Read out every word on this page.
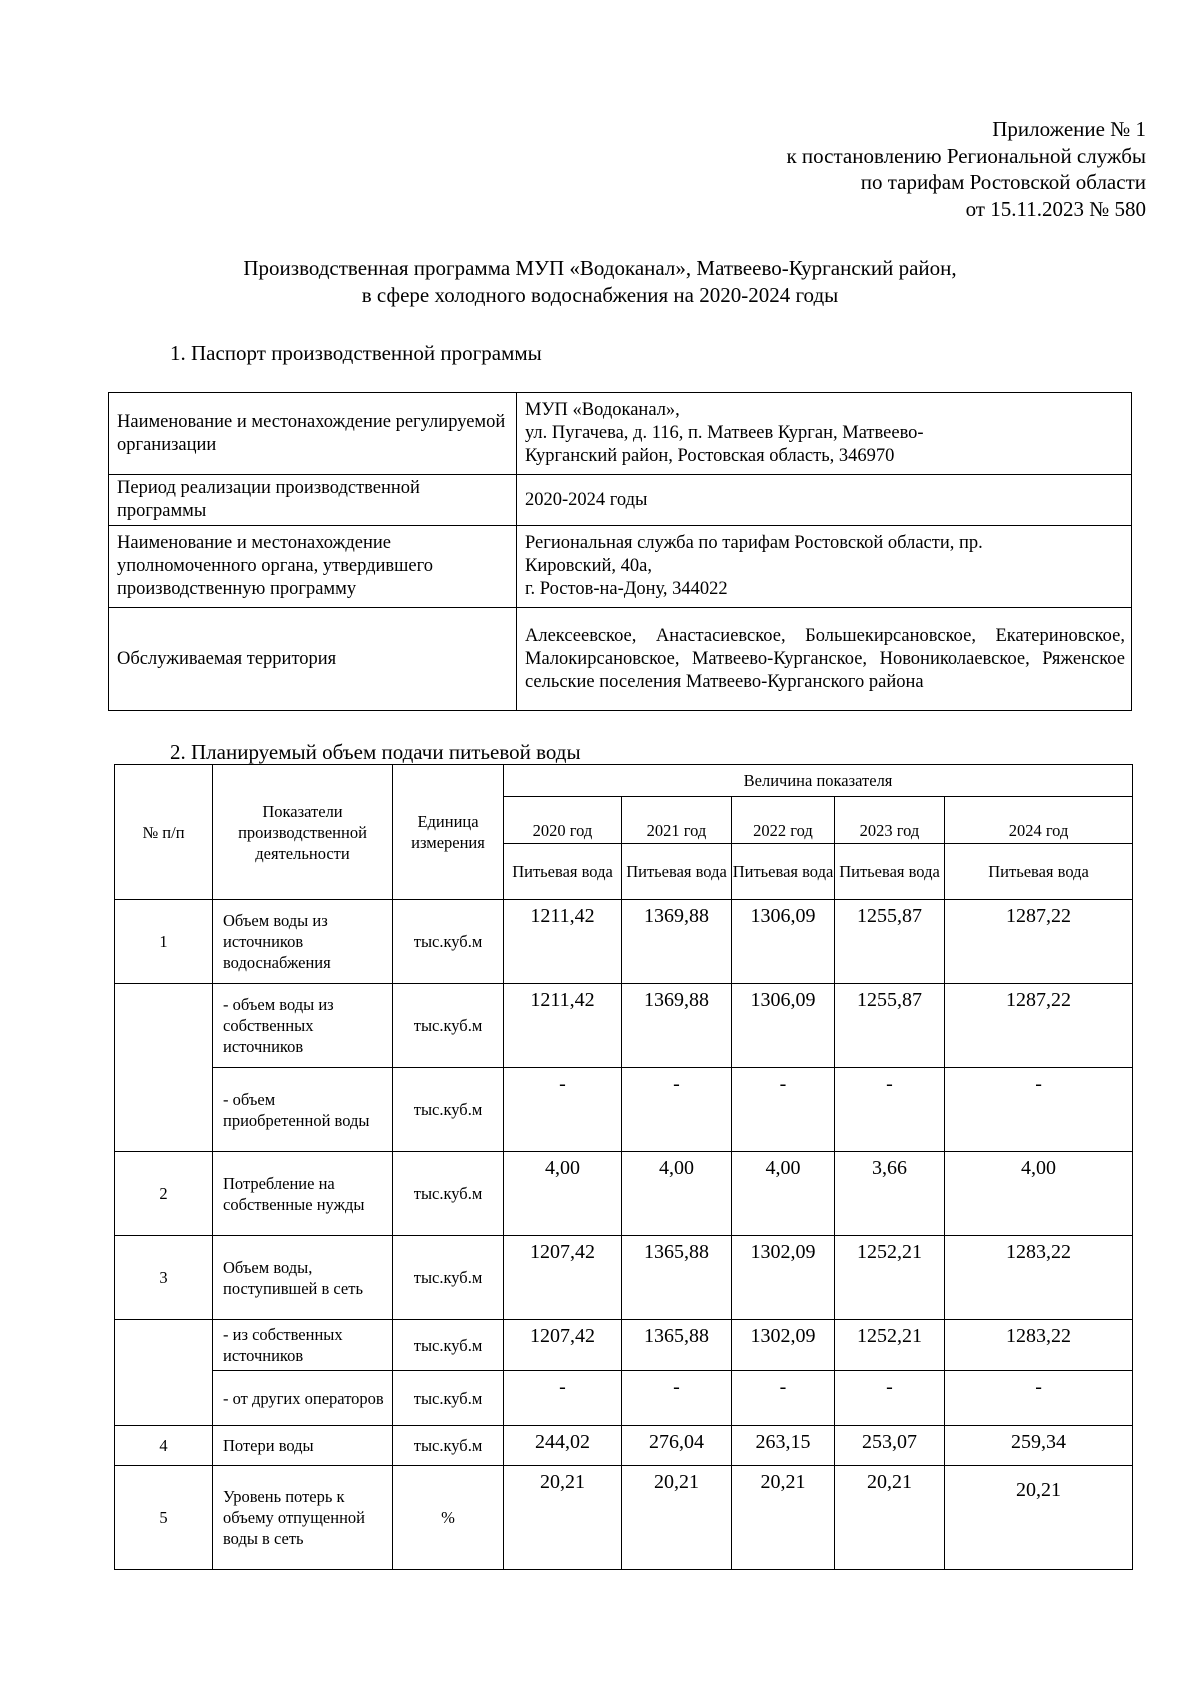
Приложение № 1
к постановлению Региональной службы
по тарифам Ростовской области
от 15.11.2023 № 580
Производственная программа МУП «Водоканал», Матвеево-Курганский район,
в сфере холодного водоснабжения на 2020-2024 годы
1. Паспорт производственной программы
Наименование и местонахождение регулируемой организации	МУП «Водоканал»,
ул. Пугачева, д. 116, п. Матвеев Курган, Матвеево-
Курганский район, Ростовская область, 346970

Период реализации производственной программы	2020-2024 годы

Наименование и местонахождение уполномоченного органа, утвердившего производственную программу	Региональная служба по тарифам Ростовской области, пр.
Кировский, 40а,
г. Ростов-на-Дону, 344022

Обслуживаемая территория	Алексеевское, Анастасиевское, Большекирсановское, Екатериновское, Малокирсановское, Матвеево-Курганское, Новониколаевское, Ряженское сельские поселения Матвеево-Курганского района
2. Планируемый объем подачи питьевой воды
№ п/п	Показатели производственной деятельности	Единица измерения	Величина показателя				
			2020 год	2021 год	2022 год	2023 год	2024 год
			Питьевая вода	Питьевая вода	Питьевая вода	Питьевая вода	Питьевая вода
1	Объем воды из источников водоснабжения	тыс.куб.м	1211,42	1369,88	1306,09	1255,87	1287,22
	- объем воды из собственных источников	тыс.куб.м	1211,42	1369,88	1306,09	1255,87	1287,22
	- объем приобретенной воды	тыс.куб.м	-	-	-	-	-
2	Потребление на собственные нужды	тыс.куб.м	4,00	4,00	4,00	3,66	4,00
3	Объем воды, поступившей в сеть	тыс.куб.м	1207,42	1365,88	1302,09	1252,21	1283,22
	- из собственных источников	тыс.куб.м	1207,42	1365,88	1302,09	1252,21	1283,22
	- от других операторов	тыс.куб.м	-	-	-	-	-
4	Потери воды	тыс.куб.м	244,02	276,04	263,15	253,07	259,34
5	Уровень потерь к объему отпущенной воды в сеть	%	20,21	20,21	20,21	20,21	20,21
